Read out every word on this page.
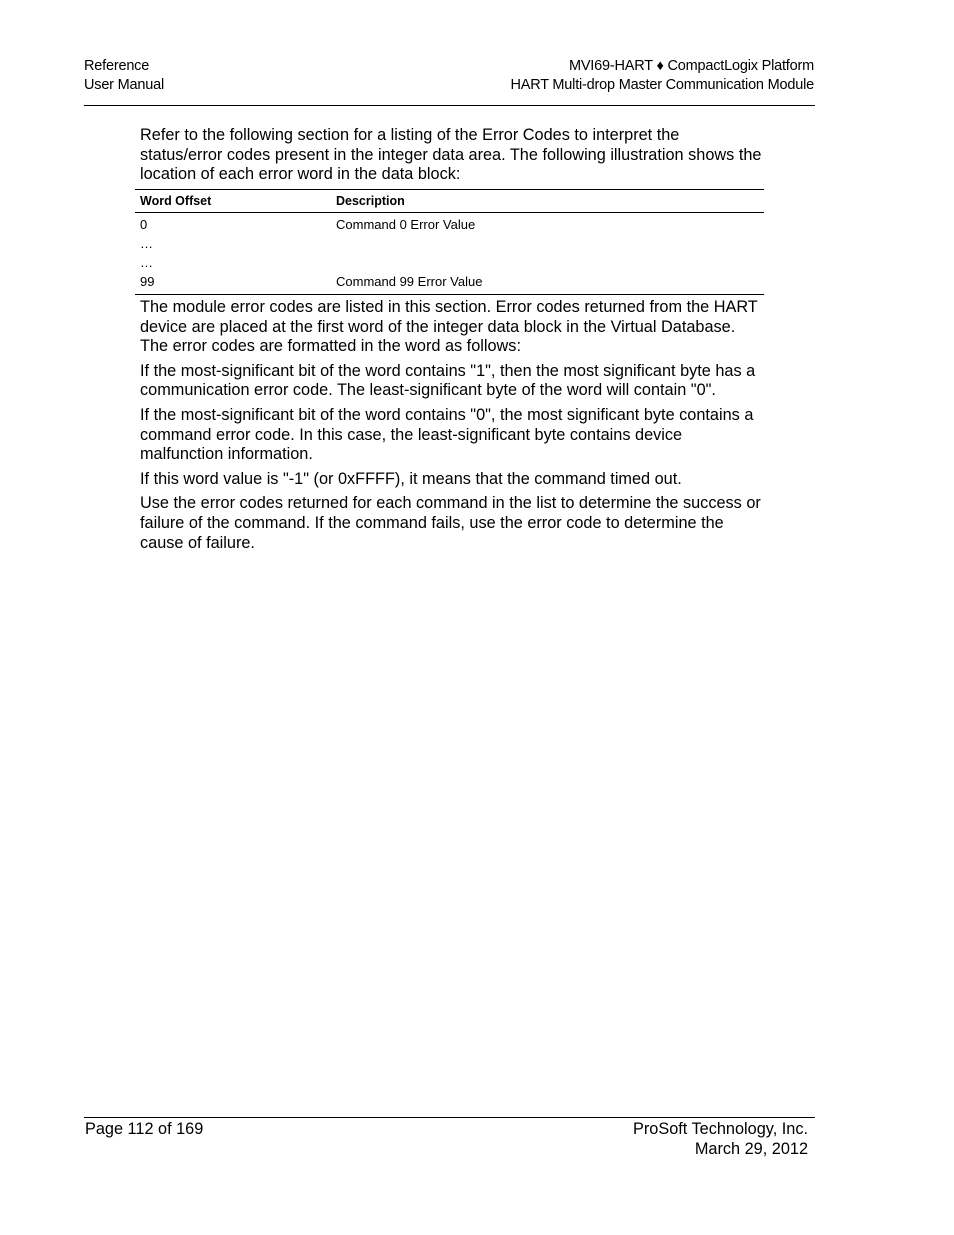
Reference
User Manual
MVI69-HART ♦ CompactLogix Platform
HART Multi-drop Master Communication Module

Refer to the following section for a listing of the Error Codes to interpret the status/error codes present in the integer data area. The following illustration shows the location of each error word in the data block:

Word Offset	Description
0	Command 0 Error Value
…
…
99	Command 99 Error Value

The module error codes are listed in this section. Error codes returned from the HART device are placed at the first word of the integer data block in the Virtual Database. The error codes are formatted in the word as follows:

If the most-significant bit of the word contains "1", then the most significant byte has a communication error code. The least-significant byte of the word will contain "0".

If the most-significant bit of the word contains "0", the most significant byte contains a command error code. In this case, the least-significant byte contains device malfunction information.

If this word value is "-1" (or 0xFFFF), it means that the command timed out.

Use the error codes returned for each command in the list to determine the success or failure of the command. If the command fails, use the error code to determine the cause of failure.

Page 112 of 169	ProSoft Technology, Inc.
March 29, 2012
